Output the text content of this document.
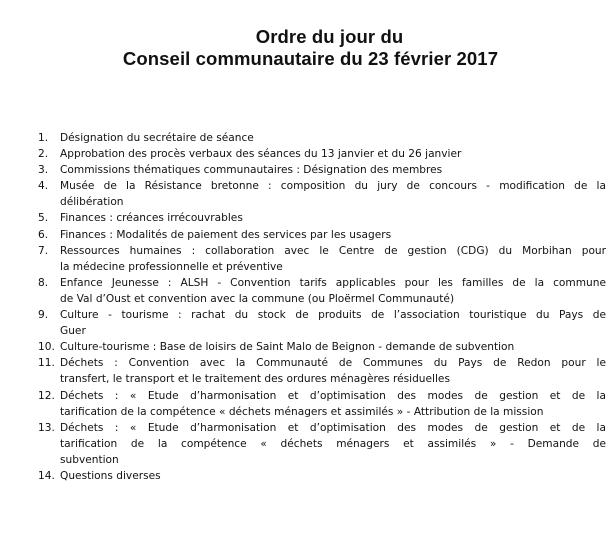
Ordre du jour du
Conseil communautaire du 23 février 2017
1.	Désignation du secrétaire de séance
2.	Approbation des procès verbaux des séances du 13 janvier et du 26 janvier
3.	Commissions thématiques communautaires : Désignation des membres
4.	Musée de la Résistance bretonne : composition du jury de concours - modification de la
délibération
5.	Finances : créances irrécouvrables
6.	Finances : Modalités de paiement des services par les usagers
7.	Ressources humaines : collaboration avec le Centre de gestion (CDG) du Morbihan pour
la médecine professionnelle et préventive
8.	Enfance Jeunesse : ALSH - Convention tarifs applicables pour les familles de la commune
de Val d’Oust et convention avec la commune (ou Ploërmel Communauté)
9.	Culture - tourisme : rachat du stock de produits de l’association touristique du Pays de
Guer
10. Culture-tourisme : Base de loisirs de Saint Malo de Beignon - demande de subvention
11. Déchets : Convention avec la Communauté de Communes du Pays de Redon pour le
transfert, le transport et le traitement des ordures ménagères résiduelles
12. Déchets : « Etude d’harmonisation et d’optimisation des modes de gestion et de la
tarification de la compétence « déchets ménagers et assimilés » - Attribution de la mission
13. Déchets : « Etude d’harmonisation et d’optimisation des modes de gestion et de la
tarification de la compétence « déchets ménagers et assimilés » - Demande de
subvention
14. Questions diverses
